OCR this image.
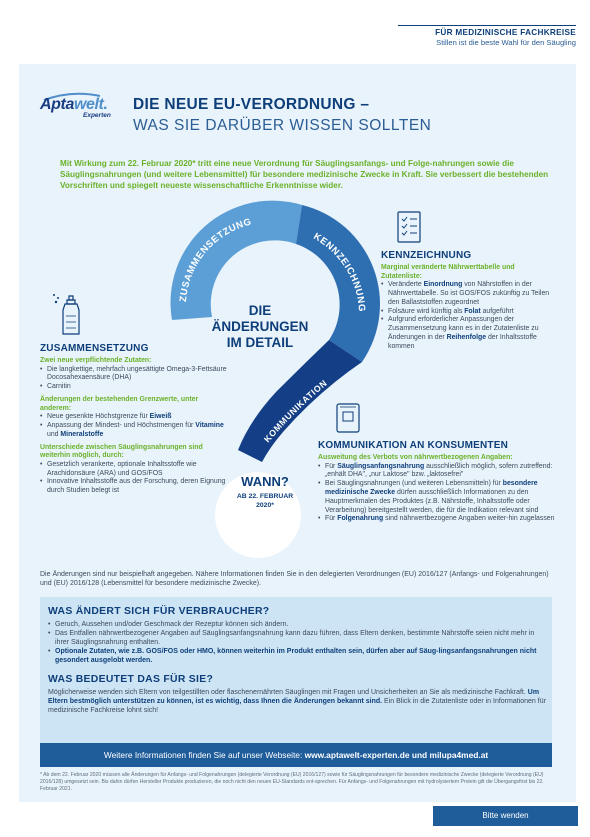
FÜR MEDIZINISCHE FACHKREISE
Stillen ist die beste Wahl für den Säugling
Aptawelt.
Experten
DIE NEUE EU-VERORDNUNG –
WAS SIE DARÜBER WISSEN SOLLTEN
Mit Wirkung zum 22. Februar 2020* tritt eine neue Verordnung für Säuglingsanfangs- und Folge-nahrungen sowie die Säuglingsnahrungen (und weitere Lebensmittel) für besondere medizinische Zwecke in Kraft. Sie verbessert die bestehenden Vorschriften und spiegelt neueste wissenschaftliche Erkenntnisse wider.
ZUSAMMENSETZUNG
KENNZEICHNUNG
KOMMUNIKATION
DIE
ÄNDERUNGEN
IM DETAIL
WANN?
AB 22. FEBRUAR
2020*
ZUSAMMENSETZUNG
Zwei neue verpflichtende Zutaten:
• Die langkettige, mehrfach ungesättigte Omega-3-Fettsäure Docosahexaensäure (DHA)
• Carnitin
Änderungen der bestehenden Grenzwerte, unter anderem:
• Neue gesenkte Höchstgrenze für Eiweiß
• Anpassung der Mindest- und Höchstmengen für Vitamine und Mineralstoffe
Unterschiede zwischen Säuglingsnahrungen sind weiterhin möglich, durch:
• Gesetzlich verankerte, optionale Inhaltsstoffe wie Arachidonsäure (ARA) und GOS/FOS
• Innovative Inhaltsstoffe aus der Forschung, deren Eignung durch Studien belegt ist
KENNZEICHNUNG
Marginal veränderte Nährwerttabelle und Zutatenliste:
• Veränderte Einordnung von Nährstoffen in der Nährwerttabelle. So ist GOS/FOS zukünftig zu Teilen den Ballaststoffen zugeordnet
• Folsäure wird künftig als Folat aufgeführt
• Aufgrund erforderlicher Anpassungen der Zusammensetzung kann es in der Zutatenliste zu Änderungen in der Reihenfolge der Inhaltsstoffe kommen
KOMMUNIKATION AN KONSUMENTEN
Ausweitung des Verbots von nährwertbezogenen Angaben:
• Für Säuglingsanfangsnahrung ausschließlich möglich, sofern zutreffend: „enhält DHA", „nur Laktose" bzw. „laktosefrei"
• Bei Säuglingsnahrungen (und weiteren Lebensmitteln) für besondere medizinische Zwecke dürfen ausschließlich Informationen zu den Hauptmerkmalen des Produktes (z.B. Nährstoffe, Inhaltsstoffe oder Verarbeitung) bereitgestellt werden, die für die Indikation relevant sind
• Für Folgenahrung sind nährwertbezogene Angaben weiter-hin zugelassen
Die Änderungen sind nur beispielhaft angegeben. Nähere Informationen finden Sie in den delegierten Verordnungen (EU) 2016/127 (Anfangs- und Folgenahrungen) und (EU) 2016/128 (Lebensmittel für besondere medizinische Zwecke).
WAS ÄNDERT SICH FÜR VERBRAUCHER?
• Geruch, Aussehen und/oder Geschmack der Rezeptur können sich ändern.
• Das Entfallen nährwertbezogener Angaben auf Säuglingsanfangsnahrung kann dazu führen, dass Eltern denken, bestimmte Nährstoffe seien nicht mehr in ihrer Säuglingsnahrung enthalten.
• Optionale Zutaten, wie z.B. GOS/FOS oder HMO, können weiterhin im Produkt enthalten sein, dürfen aber auf Säug-lingsanfangsnahrungen nicht gesondert ausgelobt werden.
WAS BEDEUTET DAS FÜR SIE?
Möglicherweise wenden sich Eltern von teilgestillten oder flaschenernährten Säuglingen mit Fragen und Unsicherheiten an Sie als medizinische Fachkraft. Um Eltern bestmöglich unterstützen zu können, ist es wichtig, dass Ihnen die Änderungen bekannt sind. Ein Blick in die Zutatenliste oder in Informationen für medizinische Fachkreise lohnt sich!
Weitere Informationen finden Sie auf unser Webseite: www.aptawelt-experten.de und milupa4med.at
* Ab dem 22. Februar 2020 müssen alle Änderungen für Anfangs- und Folgenahrungen (delegierte Verordnung (EU) 2016/127) sowie für Säuglingsnahrungen für besondere medizinische Zwecke (delegierte Verordnung (EU) 2016/128) umgesetzt sein. Bis dahin dürfen Hersteller Produkte produzieren, die noch nicht den neuen EU-Standards ent-sprechen. Für Anfangs- und Folgenahrungen mit hydrolysiertem Protein gilt die Übergangsfrist bis 22. Februar 2021.
Bitte wenden
